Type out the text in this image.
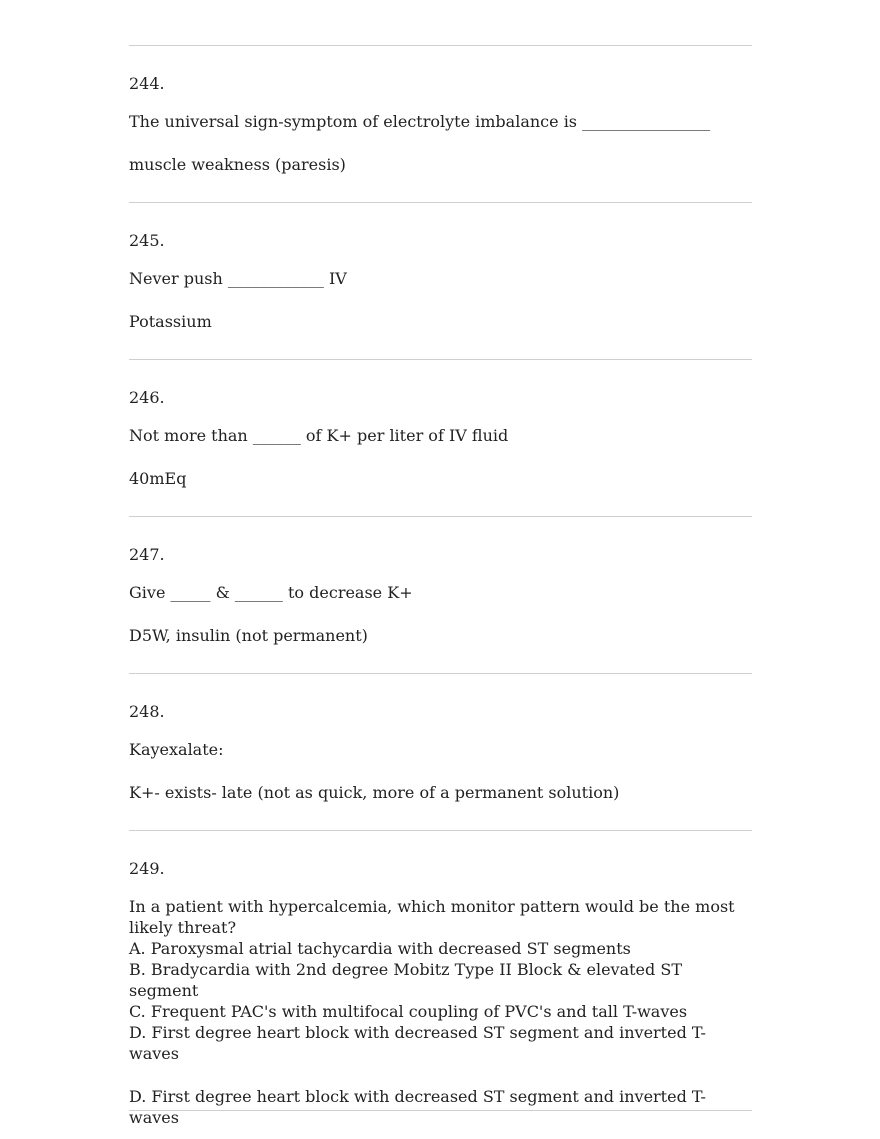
244.
The universal sign-symptom of electrolyte imbalance is ________________
muscle weakness (paresis)
245.
Never push ____________ IV
Potassium
246.
Not more than ______ of K+ per liter of IV fluid
40mEq
247.
Give _____ & ______ to decrease K+
D5W, insulin (not permanent)
248.
Kayexalate:
K+- exists- late (not as quick, more of a permanent solution)
249.
In a patient with hypercalcemia, which monitor pattern would be the most
likely threat?
A. Paroxysmal atrial tachycardia with decreased ST segments
B. Bradycardia with 2nd degree Mobitz Type II Block & elevated ST segment
C. Frequent PAC's with multifocal coupling of PVC's and tall T-waves
D. First degree heart block with decreased ST segment and inverted T-waves
D. First degree heart block with decreased ST segment and inverted T-
waves
